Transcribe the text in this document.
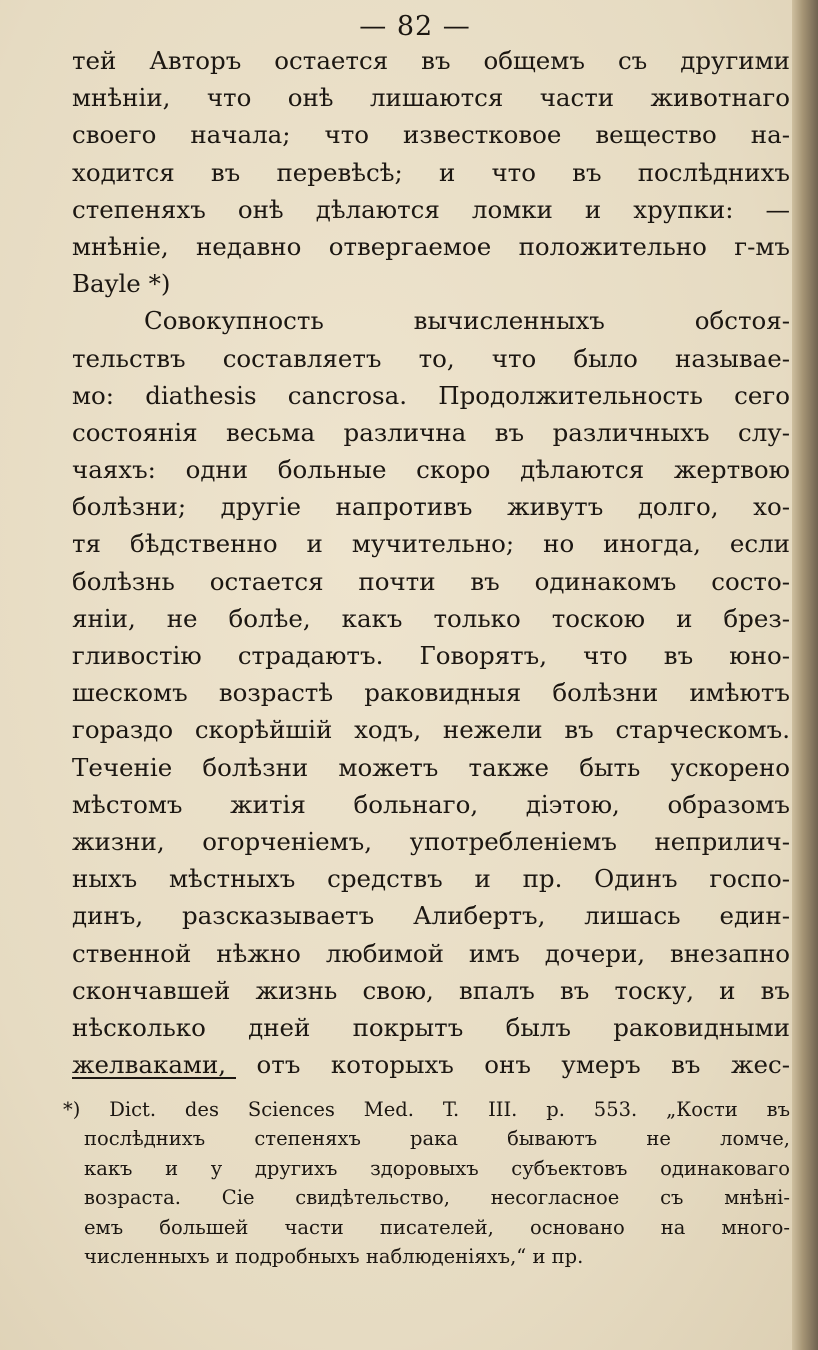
— 82 —
тей Авторъ остается въ общемъ съ другими
мнѣніи, что онѣ лишаются части животнаго
своего начала; что известковое вещество на-
ходится въ перевѣсѣ; и что въ послѣднихъ
степеняхъ онѣ дѣлаются ломки и хрупки: —
мнѣніе, недавно отвергаемое положительно г-мъ
Bayle *)
Совокупность вычисленныхъ обстоя-
тельствъ составляетъ то, что было называе-
мо: diathesis cancrosa. Продолжительность сего
состоянія весьма различна въ различныхъ слу-
чаяхъ: одни больные скоро дѣлаются жертвою
болѣзни; другіе напротивъ живутъ долго, хо-
тя бѣдственно и мучительно; но иногда, если
болѣзнь остается почти въ одинакомъ состо-
яніи, не болѣе, какъ только тоскою и брез-
гливостію страдаютъ. Говорятъ, что въ юно-
шескомъ возрастѣ раковидныя болѣзни имѣютъ
гораздо скорѣйшій ходъ, нежели въ старческомъ.
Теченіе болѣзни можетъ также быть ускорено
мѣстомъ житія больнаго, діэтою, образомъ
жизни, огорченіемъ, употребленіемъ неприлич-
ныхъ мѣстныхъ средствъ и пр. Одинъ госпо-
динъ, разсказываетъ Алибертъ, лишась един-
ственной нѣжно любимой имъ дочери, внезапно
скончавшей жизнь свою, впалъ въ тоску, и въ
нѣсколько дней покрытъ былъ раковидными
желваками, отъ которыхъ онъ умеръ въ жес-
*) Dict. des Sciences Med. T. III. p. 553. „Кости въ
послѣднихъ степеняхъ рака бываютъ не ломче,
какъ и у другихъ здоровыхъ субъектовъ одинаковаго
возраста. Сіе свидѣтельство, несогласное съ мнѣні-
емъ большей части писателей, основано на много-
численныхъ и подробныхъ наблюденіяхъ,“ и пр.
